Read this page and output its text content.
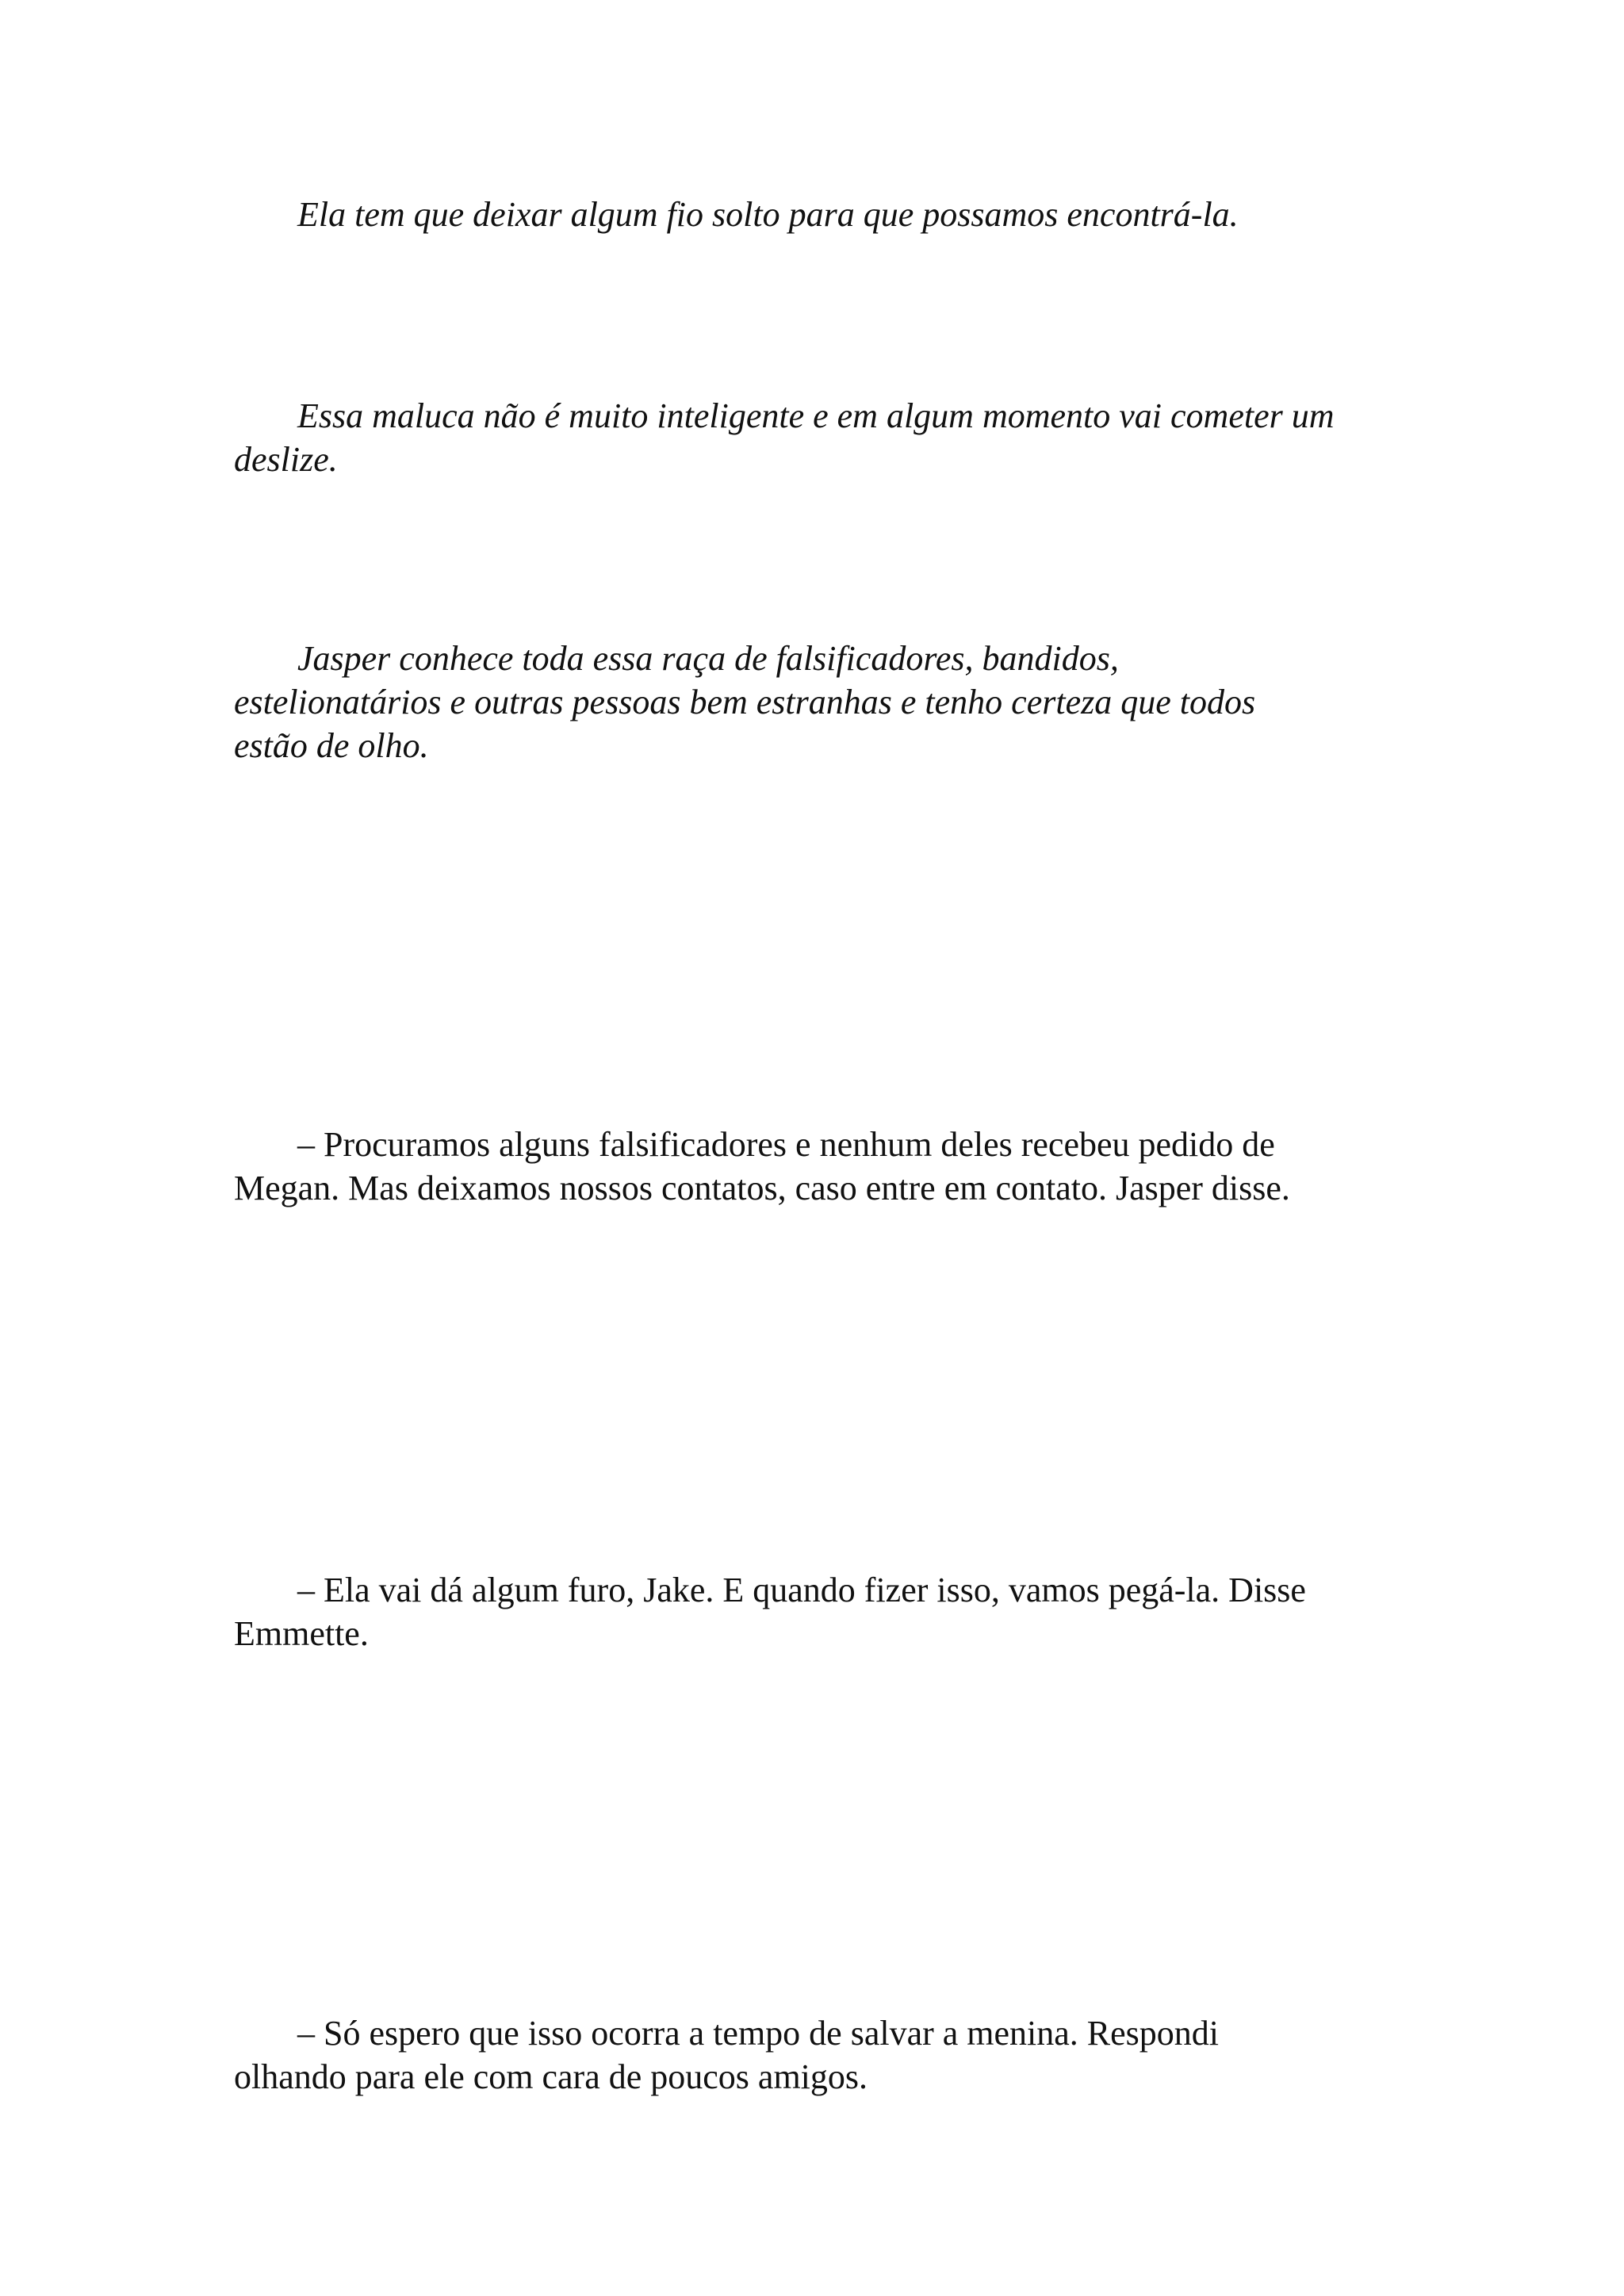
Ela tem que deixar algum fio solto para que possamos encontrá-la.

Essa maluca não é muito inteligente e em algum momento vai cometer um
deslize.

Jasper conhece toda essa raça de falsificadores, bandidos,
estelionatários e outras pessoas bem estranhas e tenho certeza que todos
estão de olho.

– Procuramos alguns falsificadores e nenhum deles recebeu pedido de
Megan. Mas deixamos nossos contatos, caso entre em contato. Jasper disse.

– Ela vai dá algum furo, Jake. E quando fizer isso, vamos pegá-la. Disse
Emmette.

– Só espero que isso ocorra a tempo de salvar a menina. Respondi
olhando para ele com cara de poucos amigos.
